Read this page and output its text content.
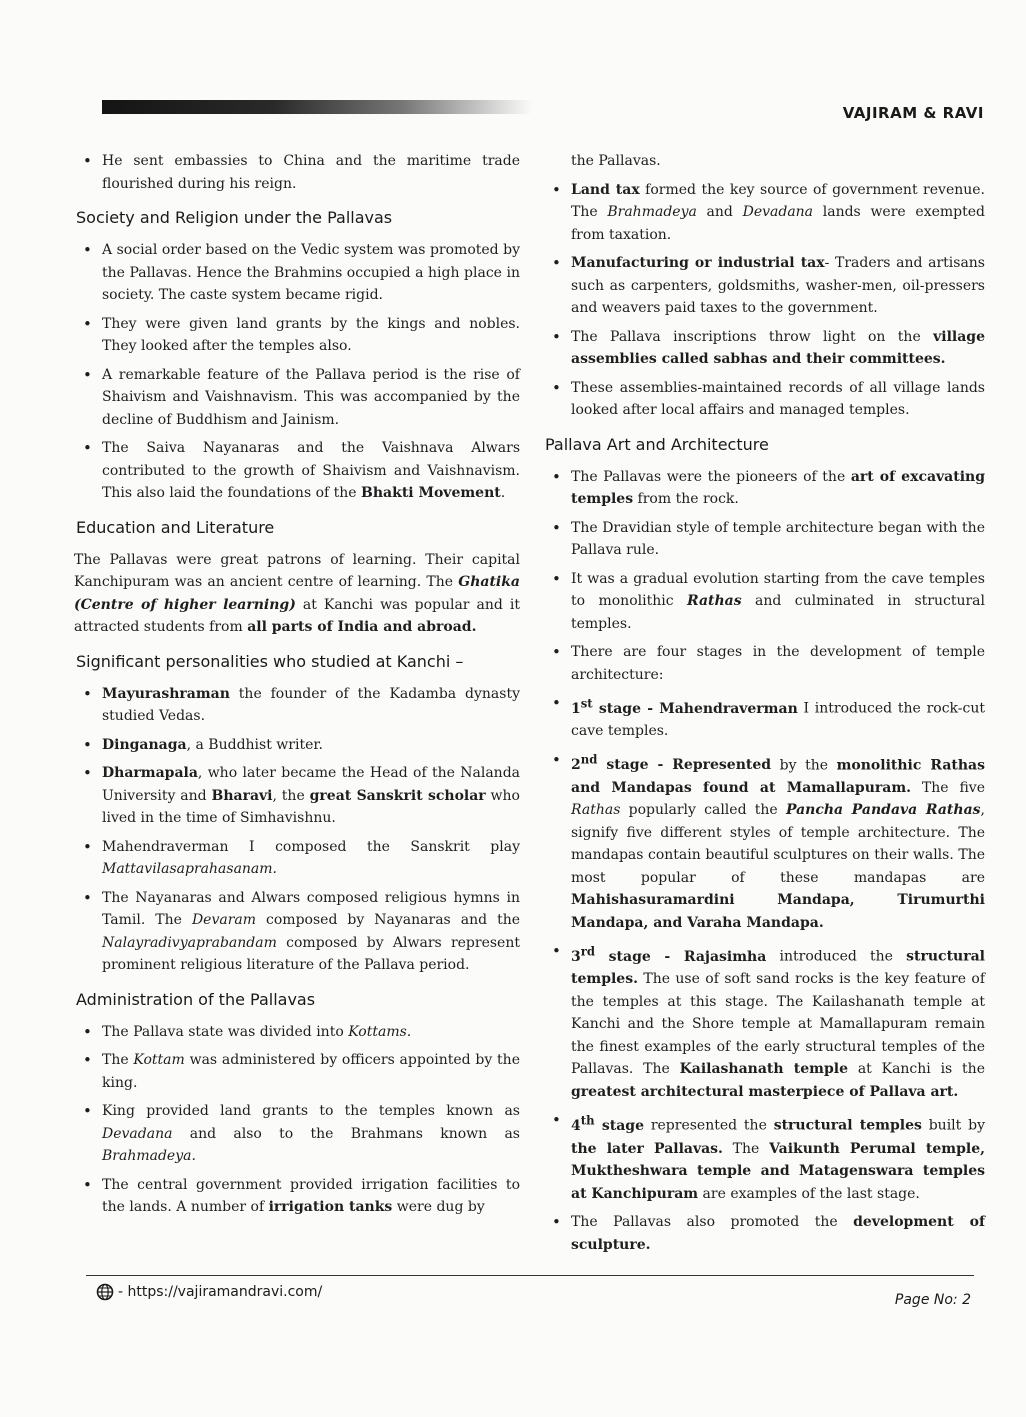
VAJIRAM & RAVI
• He sent embassies to China and the maritime trade flourished during his reign.
Society and Religion under the Pallavas
• A social order based on the Vedic system was promoted by the Pallavas. Hence the Brahmins occupied a high place in society. The caste system became rigid.
• They were given land grants by the kings and nobles. They looked after the temples also.
• A remarkable feature of the Pallava period is the rise of Shaivism and Vaishnavism. This was accompanied by the decline of Buddhism and Jainism.
• The Saiva Nayanaras and the Vaishnava Alwars contributed to the growth of Shaivism and Vaishnavism. This also laid the foundations of the Bhakti Movement.
Education and Literature
The Pallavas were great patrons of learning. Their capital Kanchipuram was an ancient centre of learning. The Ghatika (Centre of higher learning) at Kanchi was popular and it attracted students from all parts of India and abroad.
Significant personalities who studied at Kanchi –
• Mayurashraman the founder of the Kadamba dynasty studied Vedas.
• Dinganaga, a Buddhist writer.
• Dharmapala, who later became the Head of the Nalanda University and Bharavi, the great Sanskrit scholar who lived in the time of Simhavishnu.
• Mahendraverman I composed the Sanskrit play Mattavilasaprahasanam.
• The Nayanaras and Alwars composed religious hymns in Tamil. The Devaram composed by Nayanaras and the Nalayradivyaprabandam composed by Alwars represent prominent religious literature of the Pallava period.
Administration of the Pallavas
• The Pallava state was divided into Kottams.
• The Kottam was administered by officers appointed by the king.
• King provided land grants to the temples known as Devadana and also to the Brahmans known as Brahmadeya.
• The central government provided irrigation facilities to the lands. A number of irrigation tanks were dug by
the Pallavas.
• Land tax formed the key source of government revenue. The Brahmadeya and Devadana lands were exempted from taxation.
• Manufacturing or industrial tax- Traders and artisans such as carpenters, goldsmiths, washer-men, oil-pressers and weavers paid taxes to the government.
• The Pallava inscriptions throw light on the village assemblies called sabhas and their committees.
• These assemblies-maintained records of all village lands looked after local affairs and managed temples.
Pallava Art and Architecture
• The Pallavas were the pioneers of the art of excavating temples from the rock.
• The Dravidian style of temple architecture began with the Pallava rule.
• It was a gradual evolution starting from the cave temples to monolithic Rathas and culminated in structural temples.
• There are four stages in the development of temple architecture:
• 1st stage - Mahendraverman I introduced the rock-cut cave temples.
• 2nd stage - Represented by the monolithic Rathas and Mandapas found at Mamallapuram. The five Rathas popularly called the Pancha Pandava Rathas, signify five different styles of temple architecture. The mandapas contain beautiful sculptures on their walls. The most popular of these mandapas are Mahishasuramardini Mandapa, Tirumurthi Mandapa, and Varaha Mandapa.
• 3rd stage - Rajasimha introduced the structural temples. The use of soft sand rocks is the key feature of the temples at this stage. The Kailashanath temple at Kanchi and the Shore temple at Mamallapuram remain the finest examples of the early structural temples of the Pallavas. The Kailashanath temple at Kanchi is the greatest architectural masterpiece of Pallava art.
• 4th stage represented the structural temples built by the later Pallavas. The Vaikunth Perumal temple, Muktheshwara temple and Matagenswara temples at Kanchipuram are examples of the last stage.
• The Pallavas also promoted the development of sculpture.
- https://vajiramandravi.com/	Page No: 2
